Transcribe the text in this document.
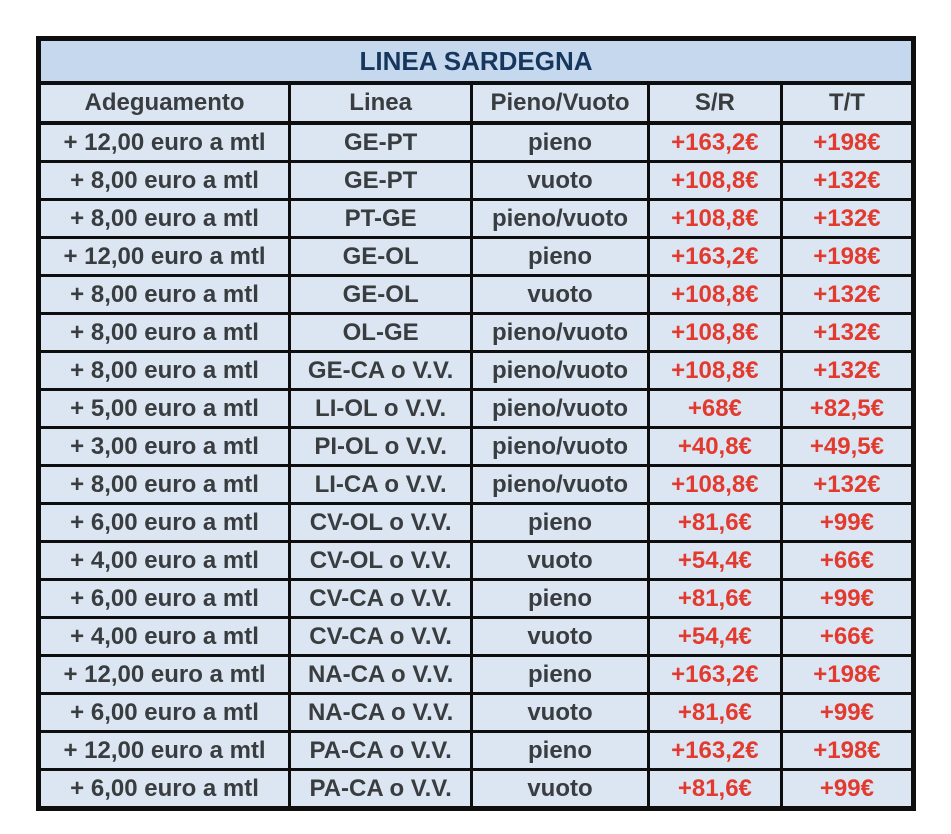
LINEA SARDEGNA				
Adeguamento	Linea	Pieno/Vuoto	S/R	T/T
+ 12,00 euro a mtl	GE-PT	pieno	+163,2€	+198€
+ 8,00 euro a mtl	GE-PT	vuoto	+108,8€	+132€
+ 8,00 euro a mtl	PT-GE	pieno/vuoto	+108,8€	+132€
+ 12,00 euro a mtl	GE-OL	pieno	+163,2€	+198€
+ 8,00 euro a mtl	GE-OL	vuoto	+108,8€	+132€
+ 8,00 euro a mtl	OL-GE	pieno/vuoto	+108,8€	+132€
+ 8,00 euro a mtl	GE-CA o V.V.	pieno/vuoto	+108,8€	+132€
+ 5,00 euro a mtl	LI-OL o V.V.	pieno/vuoto	+68€	+82,5€
+ 3,00 euro a mtl	PI-OL o V.V.	pieno/vuoto	+40,8€	+49,5€
+ 8,00 euro a mtl	LI-CA o V.V.	pieno/vuoto	+108,8€	+132€
+ 6,00 euro a mtl	CV-OL o V.V.	pieno	+81,6€	+99€
+ 4,00 euro a mtl	CV-OL o V.V.	vuoto	+54,4€	+66€
+ 6,00 euro a mtl	CV-CA o V.V.	pieno	+81,6€	+99€
+ 4,00 euro a mtl	CV-CA o V.V.	vuoto	+54,4€	+66€
+ 12,00 euro a mtl	NA-CA o V.V.	pieno	+163,2€	+198€
+ 6,00 euro a mtl	NA-CA o V.V.	vuoto	+81,6€	+99€
+ 12,00 euro a mtl	PA-CA o V.V.	pieno	+163,2€	+198€
+ 6,00 euro a mtl	PA-CA o V.V.	vuoto	+81,6€	+99€
